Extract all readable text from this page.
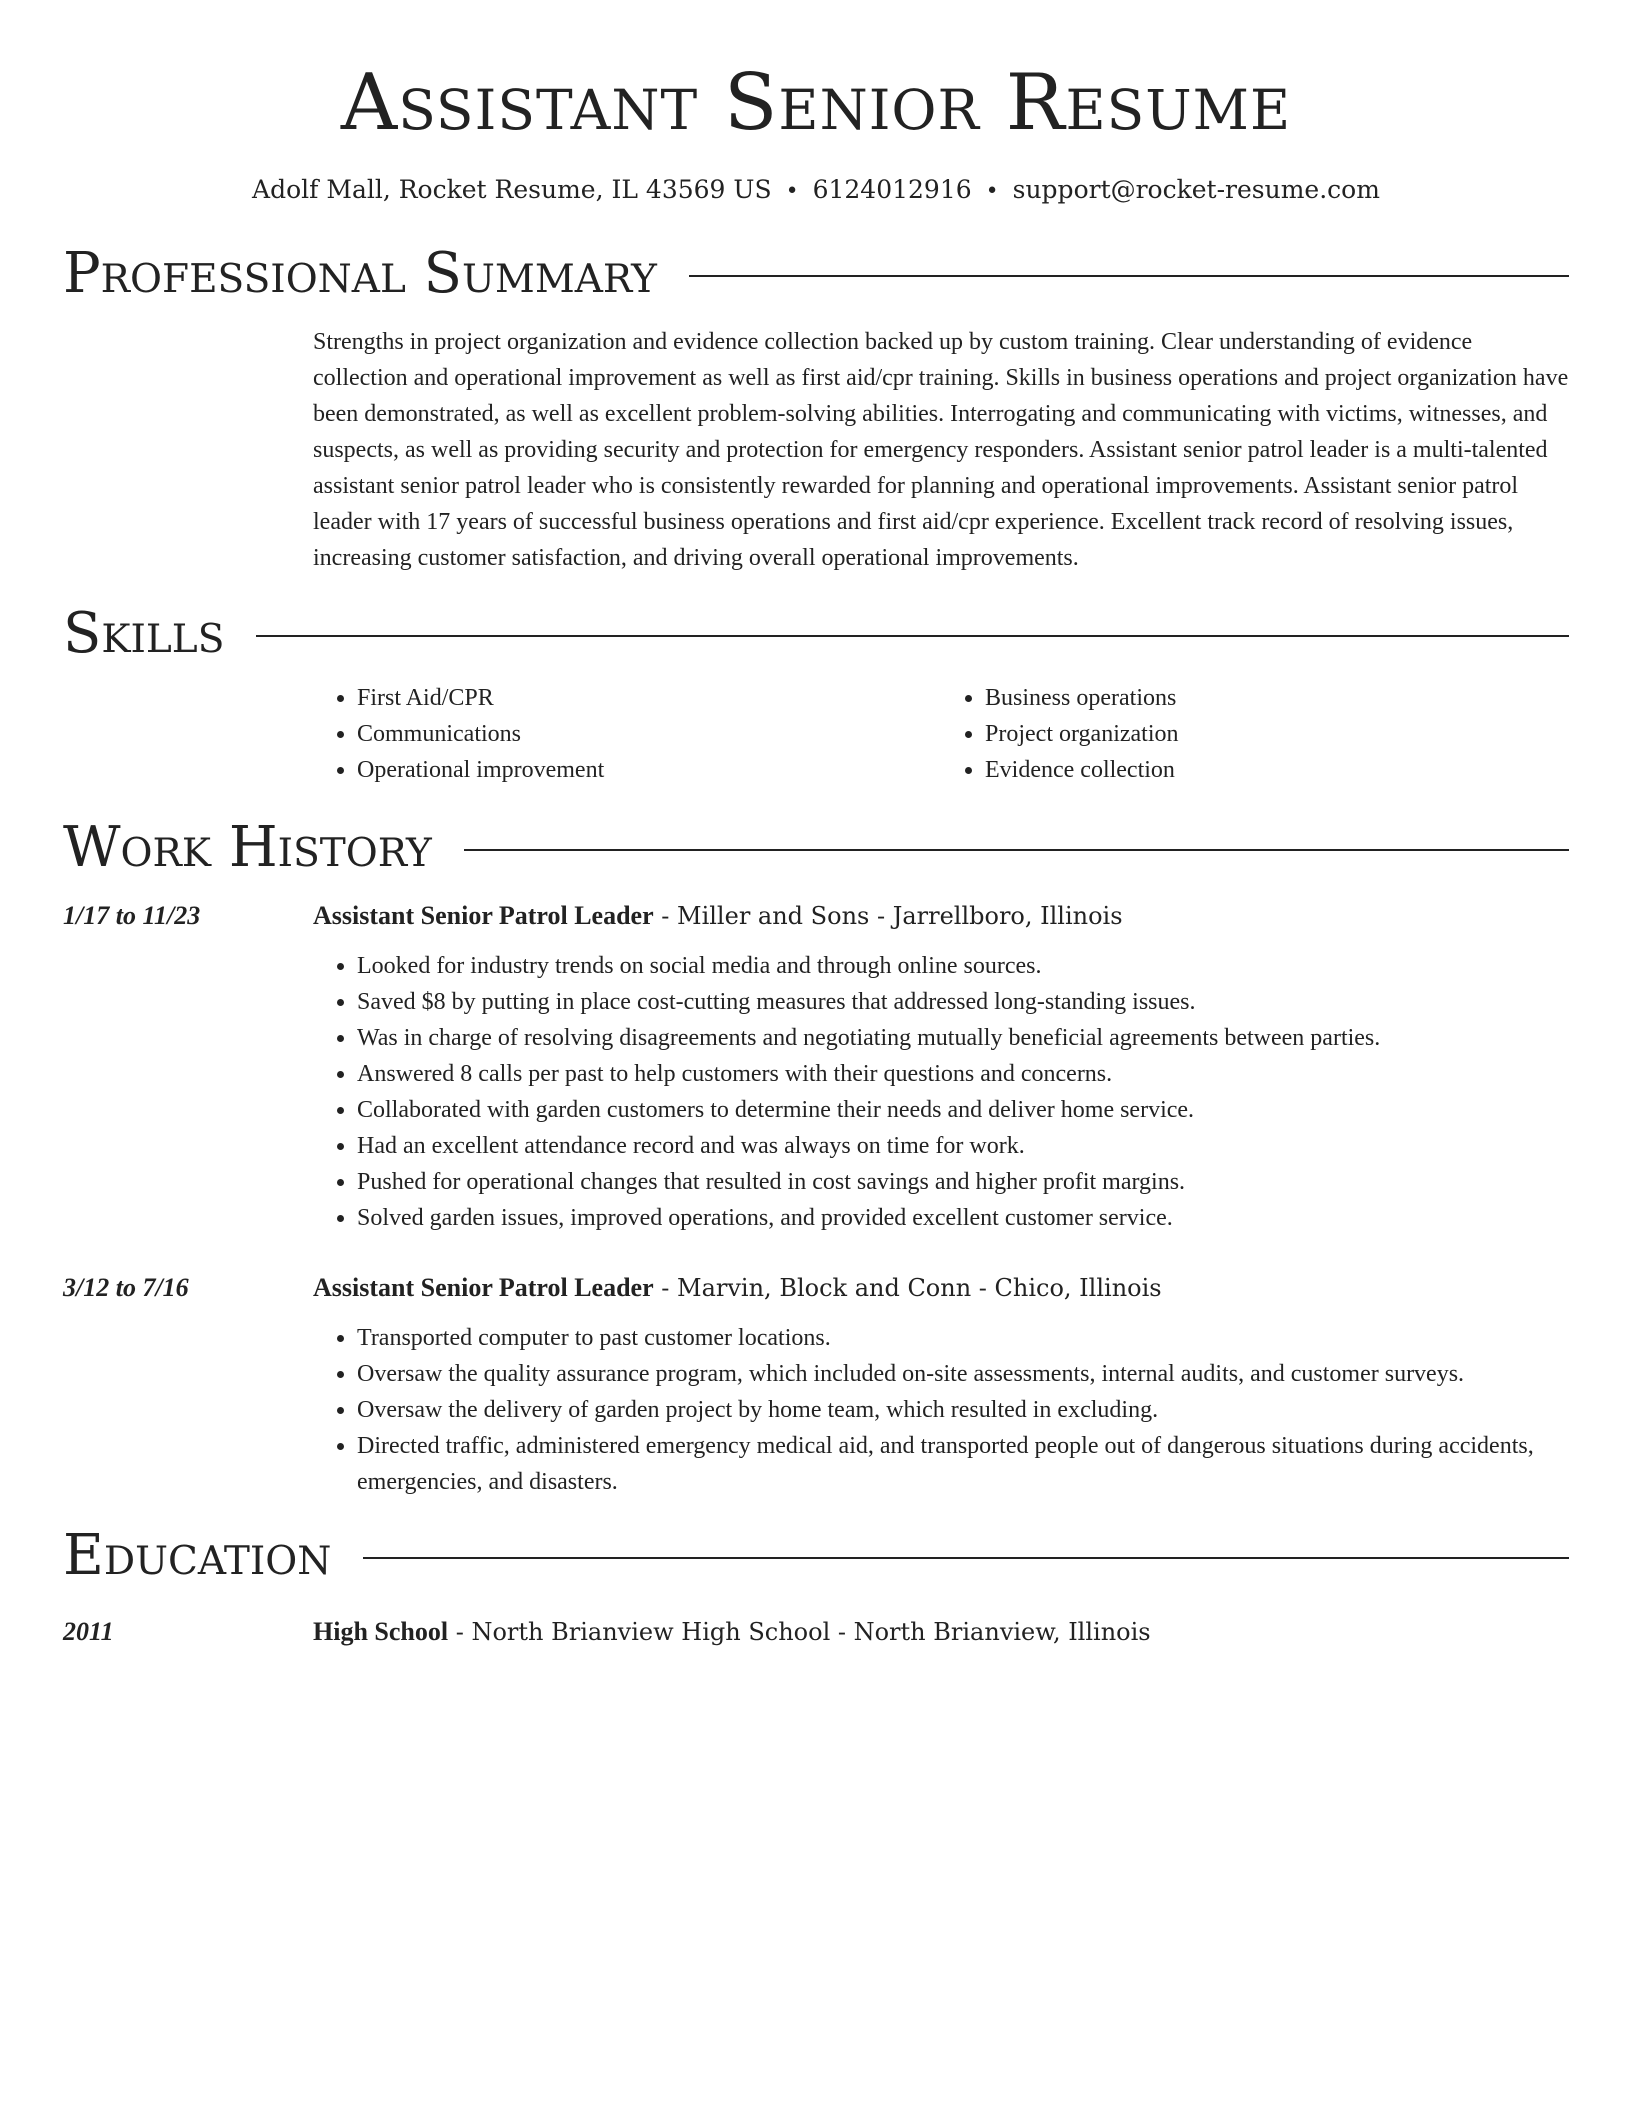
Assistant Senior Resume
Adolf Mall, Rocket Resume, IL 43569 US • 6124012916 • support@rocket-resume.com
Professional Summary
Strengths in project organization and evidence collection backed up by custom training. Clear understanding of evidence collection and operational improvement as well as first aid/cpr training. Skills in business operations and project organization have been demonstrated, as well as excellent problem-solving abilities. Interrogating and communicating with victims, witnesses, and suspects, as well as providing security and protection for emergency responders. Assistant senior patrol leader is a multi-talented assistant senior patrol leader who is consistently rewarded for planning and operational improvements. Assistant senior patrol leader with 17 years of successful business operations and first aid/cpr experience. Excellent track record of resolving issues, increasing customer satisfaction, and driving overall operational improvements.
Skills
• First Aid/CPR
• Communications
• Operational improvement
• Business operations
• Project organization
• Evidence collection
Work History
1/17 to 11/23	Assistant Senior Patrol Leader - Miller and Sons - Jarrellboro, Illinois
• Looked for industry trends on social media and through online sources.
• Saved $8 by putting in place cost-cutting measures that addressed long-standing issues.
• Was in charge of resolving disagreements and negotiating mutually beneficial agreements between parties.
• Answered 8 calls per past to help customers with their questions and concerns.
• Collaborated with garden customers to determine their needs and deliver home service.
• Had an excellent attendance record and was always on time for work.
• Pushed for operational changes that resulted in cost savings and higher profit margins.
• Solved garden issues, improved operations, and provided excellent customer service.
3/12 to 7/16	Assistant Senior Patrol Leader - Marvin, Block and Conn - Chico, Illinois
• Transported computer to past customer locations.
• Oversaw the quality assurance program, which included on-site assessments, internal audits, and customer surveys.
• Oversaw the delivery of garden project by home team, which resulted in excluding.
• Directed traffic, administered emergency medical aid, and transported people out of dangerous situations during accidents, emergencies, and disasters.
Education
2011	High School - North Brianview High School - North Brianview, Illinois
